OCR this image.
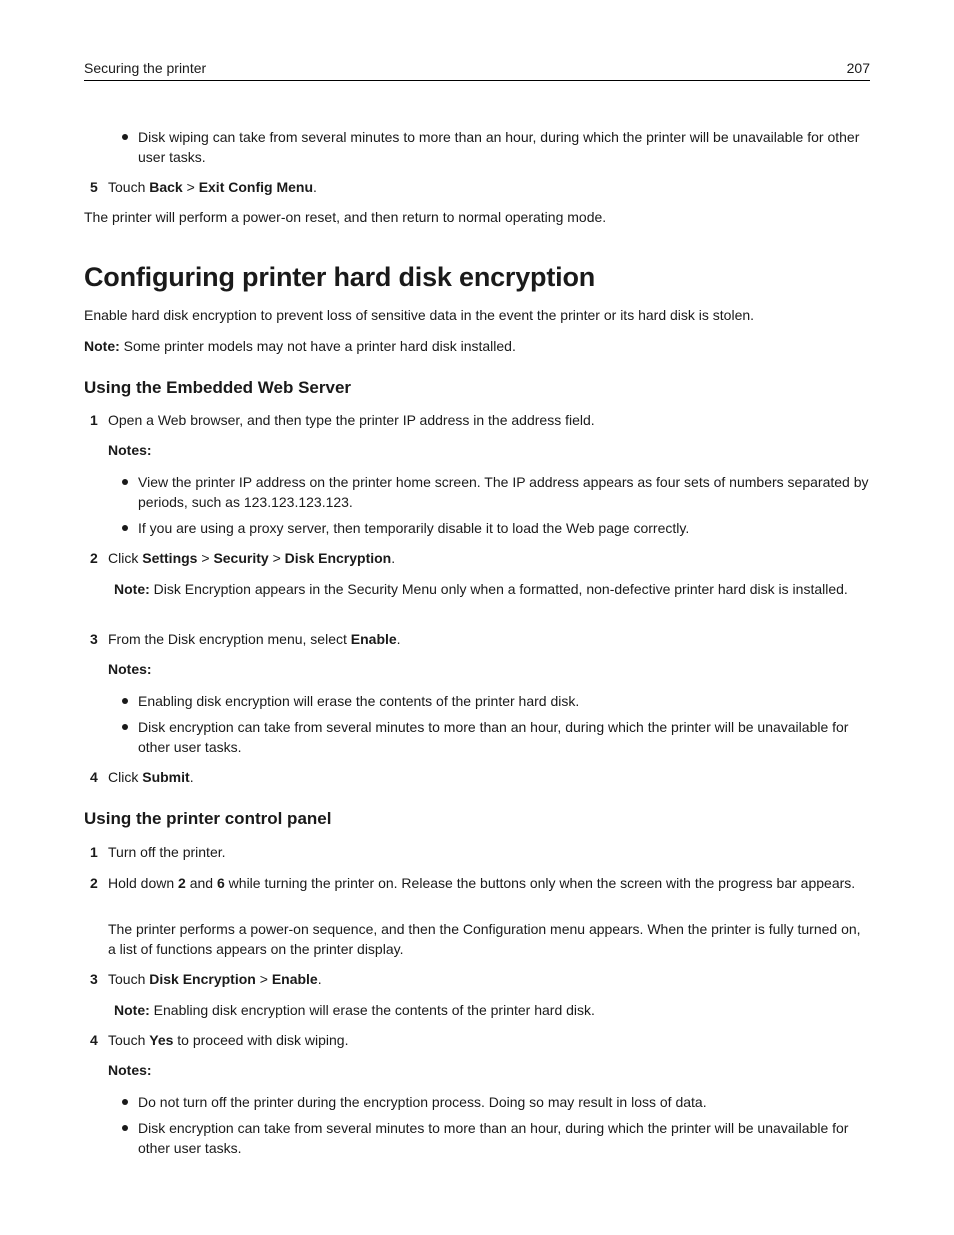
Securing the printer	207
Disk wiping can take from several minutes to more than an hour, during which the printer will be unavailable for other user tasks.
5 Touch Back > Exit Config Menu.
The printer will perform a power-on reset, and then return to normal operating mode.
Configuring printer hard disk encryption
Enable hard disk encryption to prevent loss of sensitive data in the event the printer or its hard disk is stolen.
Note: Some printer models may not have a printer hard disk installed.
Using the Embedded Web Server
1 Open a Web browser, and then type the printer IP address in the address field.
Notes:
View the printer IP address on the printer home screen. The IP address appears as four sets of numbers separated by periods, such as 123.123.123.123.
If you are using a proxy server, then temporarily disable it to load the Web page correctly.
2 Click Settings > Security > Disk Encryption.
Note: Disk Encryption appears in the Security Menu only when a formatted, non-defective printer hard disk is installed.
3 From the Disk encryption menu, select Enable.
Notes:
Enabling disk encryption will erase the contents of the printer hard disk.
Disk encryption can take from several minutes to more than an hour, during which the printer will be unavailable for other user tasks.
4 Click Submit.
Using the printer control panel
1 Turn off the printer.
2 Hold down 2 and 6 while turning the printer on. Release the buttons only when the screen with the progress bar appears.
The printer performs a power-on sequence, and then the Configuration menu appears. When the printer is fully turned on, a list of functions appears on the printer display.
3 Touch Disk Encryption > Enable.
Note: Enabling disk encryption will erase the contents of the printer hard disk.
4 Touch Yes to proceed with disk wiping.
Notes:
Do not turn off the printer during the encryption process. Doing so may result in loss of data.
Disk encryption can take from several minutes to more than an hour, during which the printer will be unavailable for other user tasks.
